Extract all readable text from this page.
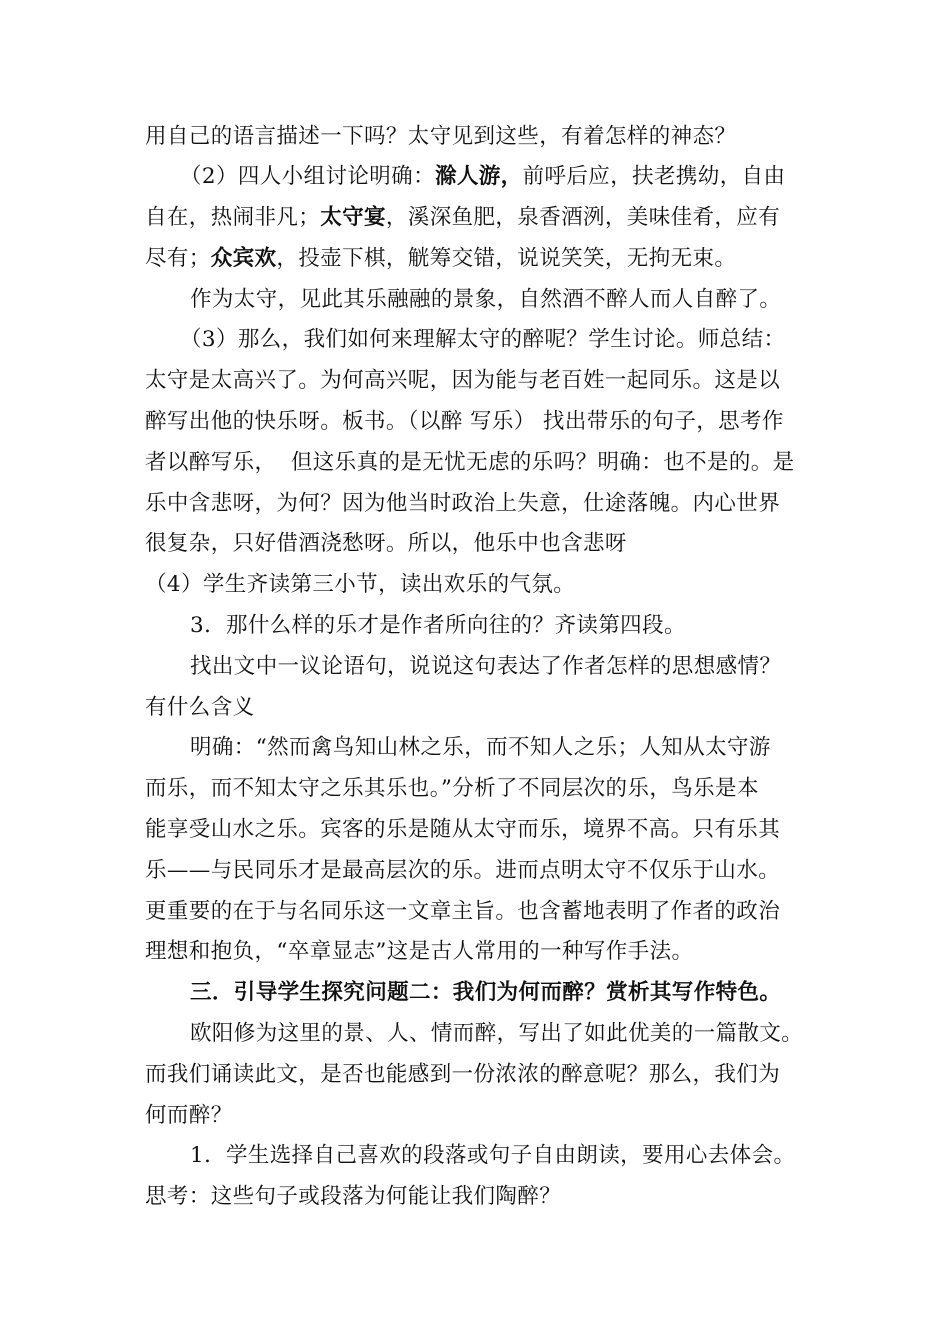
用自己的语言描述一下吗？太守见到这些，有着怎样的神态？
（2）四人小组讨论明确：滁人游，前呼后应，扶老携幼，自由
自在，热闹非凡；太守宴，溪深鱼肥，泉香酒洌，美味佳肴，应有
尽有；众宾欢，投壶下棋，觥筹交错，说说笑笑，无拘无束。
作为太守，见此其乐融融的景象，自然酒不醉人而人自醉了。
（3）那么，我们如何来理解太守的醉呢？学生讨论。师总结：
太守是太高兴了。为何高兴呢，因为能与老百姓一起同乐。这是以
醉写出他的快乐呀。板书。（以醉 写乐） 找出带乐的句子，思考作
者以醉写乐，  但这乐真的是无忧无虑的乐吗？明确：也不是的。是
乐中含悲呀，为何？因为他当时政治上失意，仕途落魄。内心世界
很复杂，只好借酒浇愁呀。所以，他乐中也含悲呀
（4）学生齐读第三小节，读出欢乐的气氛。
3．那什么样的乐才是作者所向往的？齐读第四段。
找出文中一议论语句，说说这句表达了作者怎样的思想感情？
有什么含义
明确：“然而禽鸟知山林之乐，而不知人之乐；人知从太守游
而乐，而不知太守之乐其乐也。”分析了不同层次的乐，鸟乐是本
能享受山水之乐。宾客的乐是随从太守而乐，境界不高。只有乐其
乐——与民同乐才是最高层次的乐。进而点明太守不仅乐于山水。
更重要的在于与名同乐这一文章主旨。也含蓄地表明了作者的政治
理想和抱负，“卒章显志”这是古人常用的一种写作手法。
三．引导学生探究问题二：我们为何而醉？赏析其写作特色。
欧阳修为这里的景、人、情而醉，写出了如此优美的一篇散文。
而我们诵读此文，是否也能感到一份浓浓的醉意呢？那么，我们为
何而醉？
1．学生选择自己喜欢的段落或句子自由朗读，要用心去体会。
思考：这些句子或段落为何能让我们陶醉？
